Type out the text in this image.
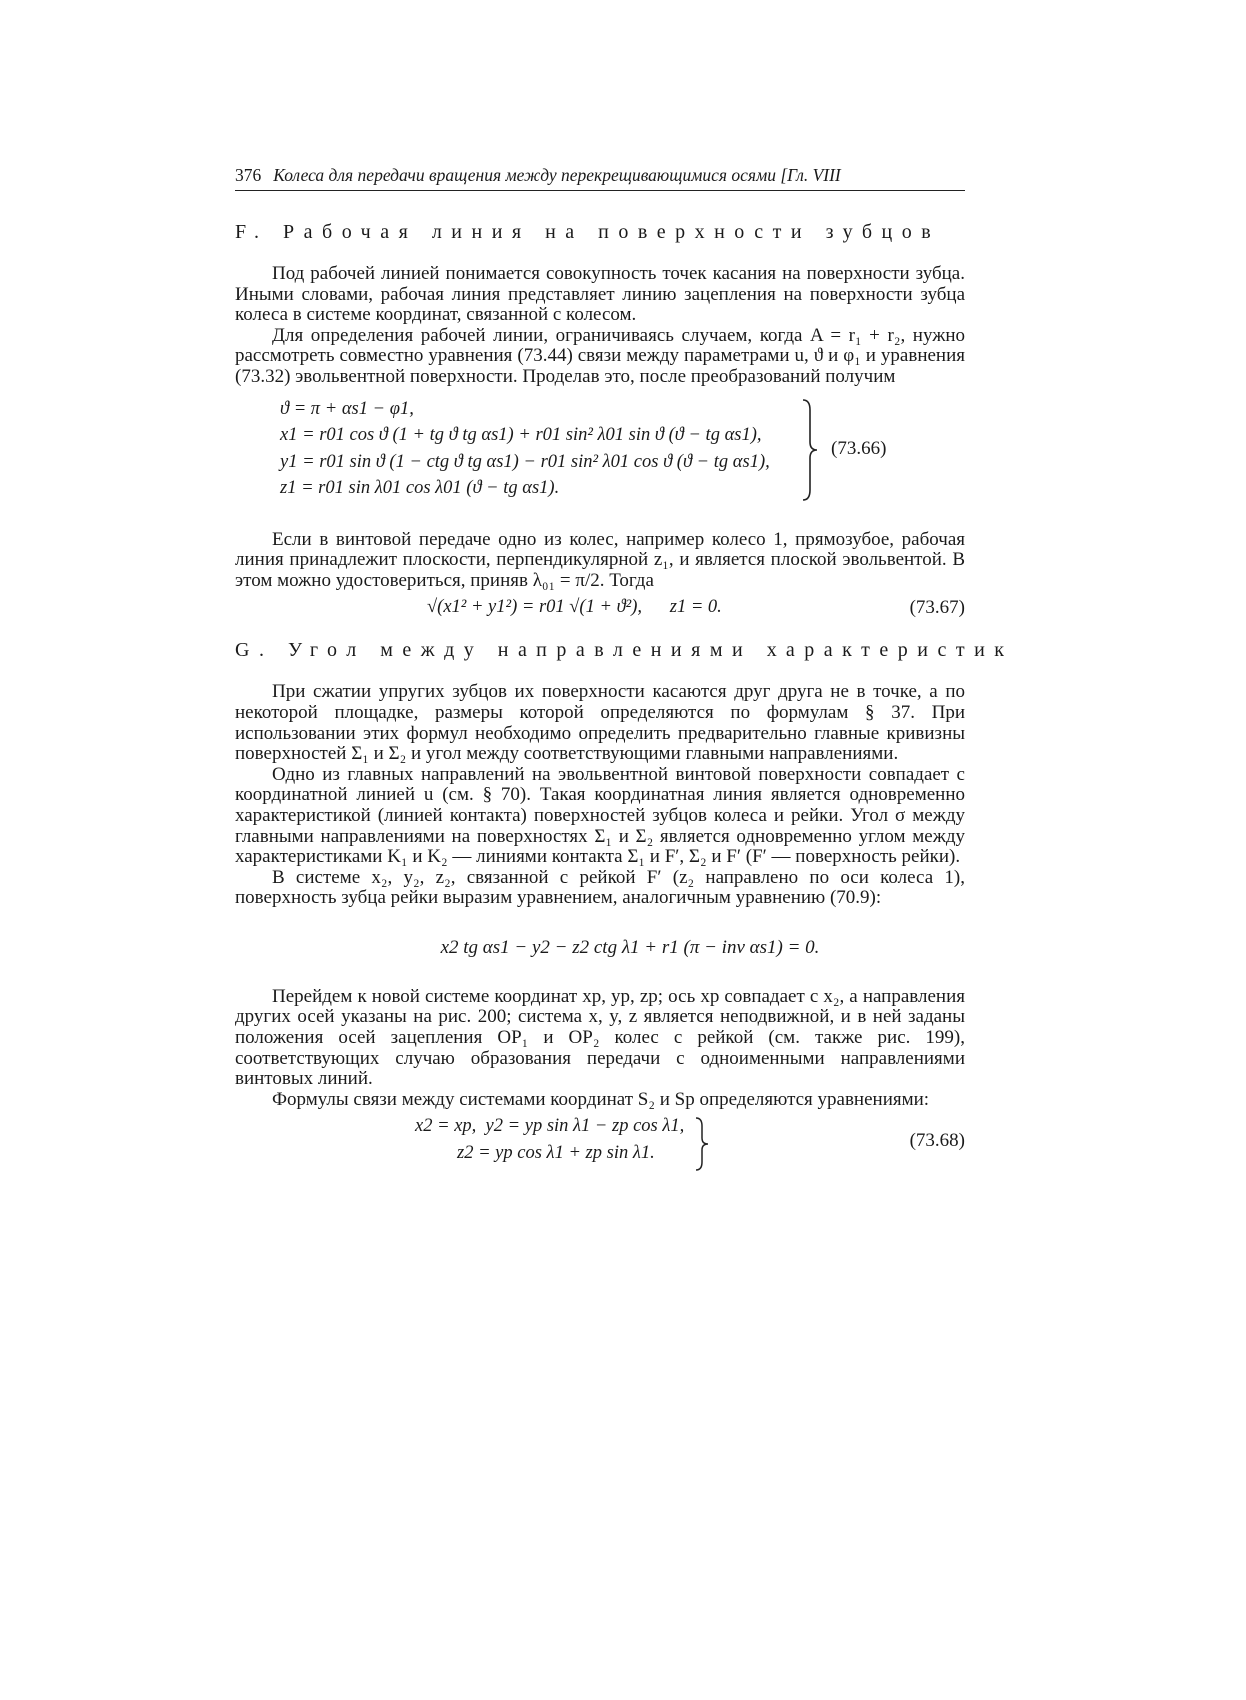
376 Колеса для передачи вращения между перекрещивающимися осями [Гл. VIII
F. Рабочая линия на поверхности зубцов

Под рабочей линией понимается совокупность точек касания на поверхности зубца. Иными словами, рабочая линия представляет линию зацепления на поверхности зубца колеса в системе координат, связанной с колесом.

Для определения рабочей линии, ограничиваясь случаем, когда A = r₁ + r₂, нужно рассмотреть совместно уравнения (73.44) связи между параметрами u, ϑ и φ₁ и уравнения (73.32) эвольвентной поверхности. Проделав это, после преобразований получим

ϑ = π + αs1 − φ1,
x1 = r01 cos ϑ (1 + tg ϑ tg αs1) + r01 sin² λ01 sin ϑ (ϑ − tg αs1),
y1 = r01 sin ϑ (1 − ctg ϑ tg αs1) − r01 sin² λ01 cos ϑ (ϑ − tg αs1),
z1 = r01 sin λ01 cos λ01 (ϑ − tg αs1).
(73.66)

Если в винтовой передаче одно из колес, например колесо 1, прямозубое, рабочая линия принадлежит плоскости, перпендикулярной z₁, и является плоской эвольвентой. В этом можно удостовериться, приняв λ₀₁ = π/2. Тогда

√(x1² + y1²) = r01 √(1 + ϑ²),      z1 = 0.	(73.67)
G. Угол между направлениями характеристик

При сжатии упругих зубцов их поверхности касаются друг друга не в точке, а по некоторой площадке, размеры которой определяются по формулам § 37. При использовании этих формул необходимо определить предварительно главные кривизны поверхностей Σ₁ и Σ₂ и угол между соответствующими главными направлениями.

Одно из главных направлений на эвольвентной винтовой поверхности совпадает с координатной линией u (см. § 70). Такая координатная линия является одновременно характеристикой (линией контакта) поверхностей зубцов колеса и рейки. Угол σ между главными направлениями на поверхностях Σ₁ и Σ₂ является одновременно углом между характеристиками K₁ и K₂ — линиями контакта Σ₁ и F′, Σ₂ и F′ (F′ — поверхность рейки).

В системе x₂, y₂, z₂, связанной с рейкой F′ (z₂ направлено по оси колеса 1), поверхность зубца рейки выразим уравнением, аналогичным уравнению (70.9):

x2 tg αs1 − y2 − z2 ctg λ1 + r1 (π − inv αs1) = 0.

Перейдем к новой системе координат xp, yp, zp; ось xp совпадает с x₂, а направления других осей указаны на рис. 200; система x, y, z является неподвижной, и в ней заданы положения осей зацепления OP₁ и OP₂ колес с рейкой (см. также рис. 199), соответствующих случаю образования передачи с одноименными направлениями винтовых линий.

Формулы связи между системами координат S₂ и Sp определяются уравнениями:

x2 = xp,  y2 = yp sin λ1 − zp cos λ1,
z2 = yp cos λ1 + zp sin λ1.
(73.68)
